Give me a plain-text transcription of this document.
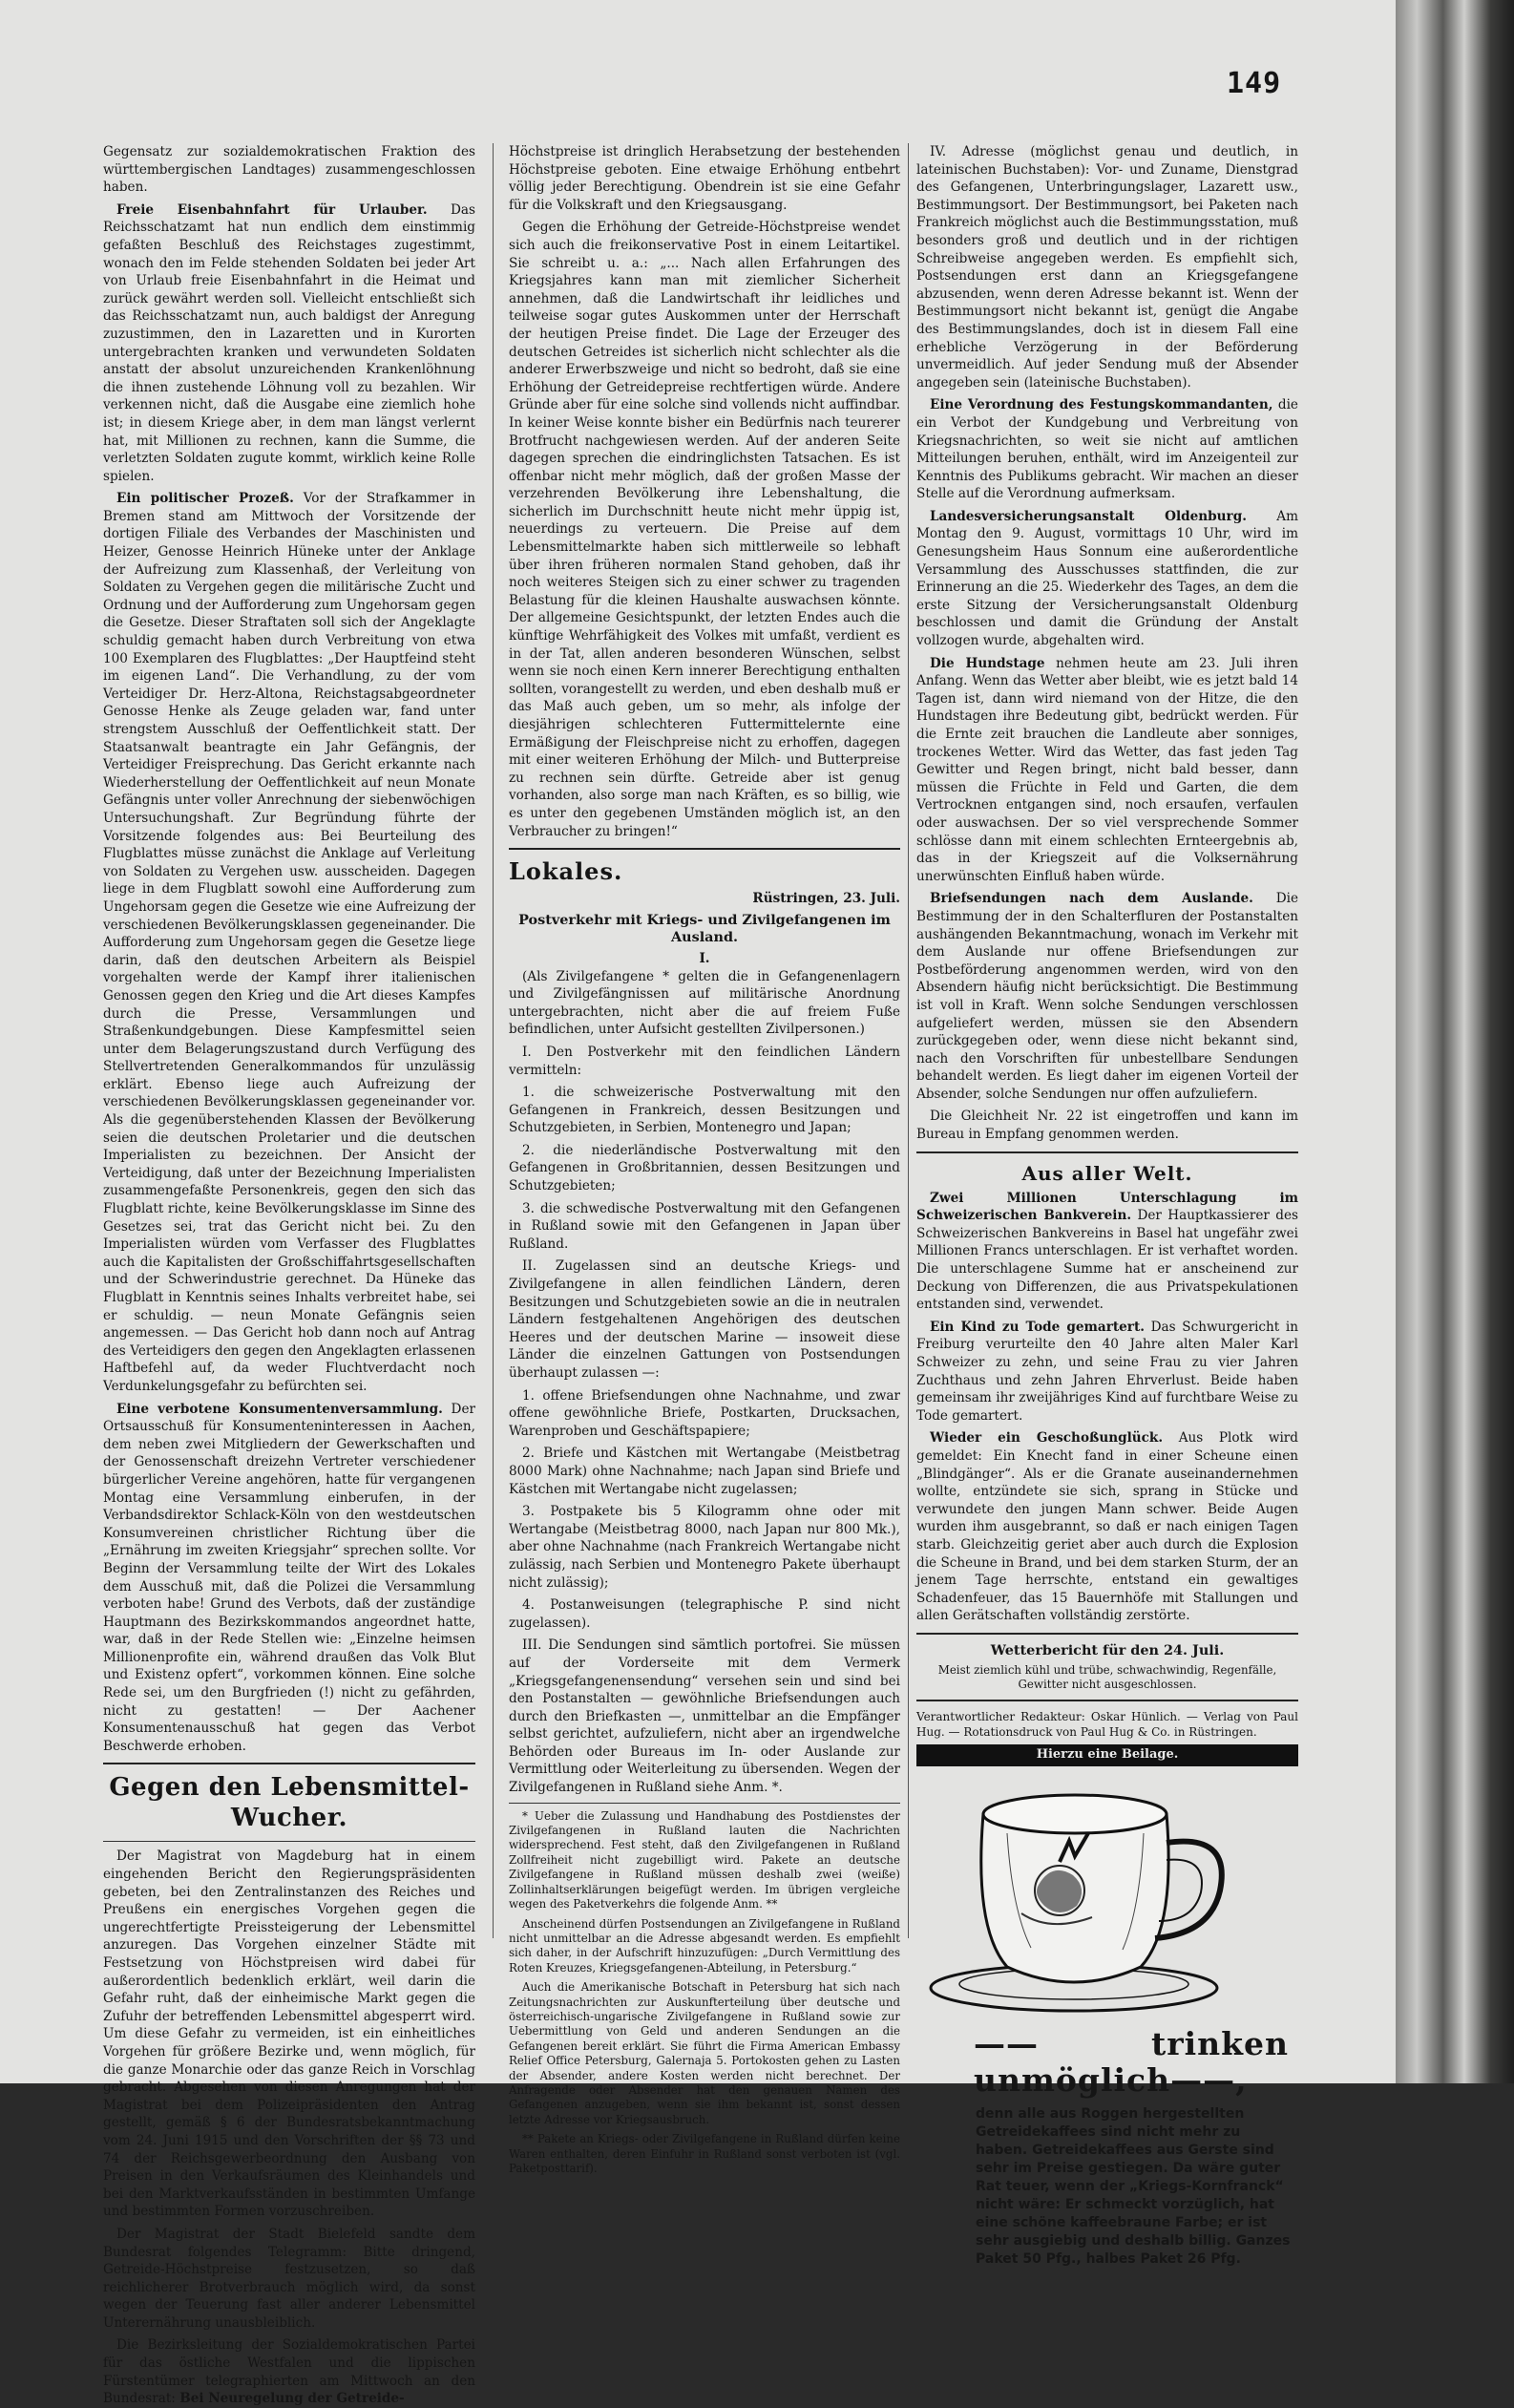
149

Gegensatz zur sozialdemokratischen Fraktion des württembergischen Landtages) zusammengeschlossen haben.

Freie Eisenbahnfahrt für Urlauber. Das Reichsschatzamt hat nun endlich dem einstimmig gefaßten Beschluß des Reichstages zugestimmt, wonach den im Felde stehenden Soldaten bei jeder Art von Urlaub freie Eisenbahnfahrt in die Heimat und zurück gewährt werden soll. Vielleicht entschließt sich das Reichsschatzamt nun, auch baldigst der Anregung zuzustimmen, den in Lazaretten und in Kurorten untergebrachten kranken und verwundeten Soldaten anstatt der absolut unzureichenden Krankenlöhnung die ihnen zustehende Löhnung voll zu bezahlen. Wir verkennen nicht, daß die Ausgabe eine ziemlich hohe ist; in diesem Kriege aber, in dem man längst verlernt hat, mit Millionen zu rechnen, kann die Summe, die verletzten Soldaten zugute kommt, wirklich keine Rolle spielen.

Ein politischer Prozeß. Vor der Strafkammer in Bremen stand am Mittwoch der Vorsitzende der dortigen Filiale des Verbandes der Maschinisten und Heizer, Genosse Heinrich Hüneke unter der Anklage der Aufreizung zum Klassenhaß, der Verleitung von Soldaten zu Vergehen gegen die militärische Zucht und Ordnung und der Aufforderung zum Ungehorsam gegen die Gesetze. Dieser Straftaten soll sich der Angeklagte schuldig gemacht haben durch Verbreitung von etwa 100 Exemplaren des Flugblattes: „Der Hauptfeind steht im eigenen Land“. Die Verhandlung, zu der vom Verteidiger Dr. Herz-Altona, Reichstagsabgeordneter Genosse Henke als Zeuge geladen war, fand unter strengstem Ausschluß der Oeffentlichkeit statt. Der Staatsanwalt beantragte ein Jahr Gefängnis, der Verteidiger Freisprechung. Das Gericht erkannte nach Wiederherstellung der Oeffentlichkeit auf neun Monate Gefängnis unter voller Anrechnung der siebenwöchigen Untersuchungshaft. Zur Begründung führte der Vorsitzende folgendes aus: Bei Beurteilung des Flugblattes müsse zunächst die Anklage auf Verleitung von Soldaten zu Vergehen usw. ausscheiden. Dagegen liege in dem Flugblatt sowohl eine Aufforderung zum Ungehorsam gegen die Gesetze wie eine Aufreizung der verschiedenen Bevölkerungsklassen gegeneinander. Die Aufforderung zum Ungehorsam gegen die Gesetze liege darin, daß den deutschen Arbeitern als Beispiel vorgehalten werde der Kampf ihrer italienischen Genossen gegen den Krieg und die Art dieses Kampfes durch die Presse, Versammlungen und Straßenkundgebungen. Diese Kampfesmittel seien unter dem Belagerungszustand durch Verfügung des Stellvertretenden Generalkommandos für unzulässig erklärt. Ebenso liege auch Aufreizung der verschiedenen Bevölkerungsklassen gegeneinander vor. Als die gegenüberstehenden Klassen der Bevölkerung seien die deutschen Proletarier und die deutschen Imperialisten zu bezeichnen. Der Ansicht der Verteidigung, daß unter der Bezeichnung Imperialisten zusammengefaßte Personenkreis, gegen den sich das Flugblatt richte, keine Bevölkerungsklasse im Sinne des Gesetzes sei, trat das Gericht nicht bei. Zu den Imperialisten würden vom Verfasser des Flugblattes auch die Kapitalisten der Großschiffahrtsgesellschaften und der Schwerindustrie gerechnet. Da Hüneke das Flugblatt in Kenntnis seines Inhalts verbreitet habe, sei er schuldig. — neun Monate Gefängnis seien angemessen. — Das Gericht hob dann noch auf Antrag des Verteidigers den gegen den Angeklagten erlassenen Haftbefehl auf, da weder Fluchtverdacht noch Verdunkelungsgefahr zu befürchten sei.

Eine verbotene Konsumentenversammlung. Der Ortsausschuß für Konsumenteninteressen in Aachen, dem neben zwei Mitgliedern der Gewerkschaften und der Genossenschaft dreizehn Vertreter verschiedener bürgerlicher Vereine angehören, hatte für vergangenen Montag eine Versammlung einberufen, in der Verbandsdirektor Schlack-Köln von den westdeutschen Konsumvereinen christlicher Richtung über die „Ernährung im zweiten Kriegsjahr“ sprechen sollte. Vor Beginn der Versammlung teilte der Wirt des Lokales dem Ausschuß mit, daß die Polizei die Versammlung verboten habe! Grund des Verbots, daß der zuständige Hauptmann des Bezirkskommandos angeordnet hatte, war, daß in der Rede Stellen wie: „Einzelne heimsen Millionenprofite ein, während draußen das Volk Blut und Existenz opfert“, vorkommen können. Eine solche Rede sei, um den Burgfrieden (!) nicht zu gefährden, nicht zu gestatten! — Der Aachener Konsumentenausschuß hat gegen das Verbot Beschwerde erhoben.

Gegen den Lebensmittel-Wucher.

Der Magistrat von Magdeburg hat in einem eingehenden Bericht den Regierungspräsidenten gebeten, bei den Zentralinstanzen des Reiches und Preußens ein energisches Vorgehen gegen die ungerechtfertigte Preissteigerung der Lebensmittel anzuregen. Das Vorgehen einzelner Städte mit Festsetzung von Höchstpreisen wird dabei für außerordentlich bedenklich erklärt, weil darin die Gefahr ruht, daß der einheimische Markt gegen die Zufuhr der betreffenden Lebensmittel abgesperrt wird. Um diese Gefahr zu vermeiden, ist ein einheitliches Vorgehen für größere Bezirke und, wenn möglich, für die ganze Monarchie oder das ganze Reich in Vorschlag gebracht. Abgesehen von diesen Anregungen hat der Magistrat bei dem Polizeipräsidenten den Antrag gestellt, gemäß § 6 der Bundesratsbekanntmachung vom 24. Juni 1915 und den Vorschriften der §§ 73 und 74 der Reichsgewerbeordnung den Ausbang von Preisen in den Verkaufsräumen des Kleinhandels und bei den Marktverkaufsständen in bestimmten Umfange und bestimmten Formen vorzuschreiben.

Der Magistrat der Stadt Bielefeld sandte dem Bundesrat folgendes Telegramm: Bitte dringend, Getreide-Höchstpreise festzusetzen, so daß reichlicherer Brotverbrauch möglich wird, da sonst wegen der Teuerung fast aller anderer Lebensmittel Unterernährung unausbleiblich.

Die Bezirksleitung der Sozialdemokratischen Partei für das östliche Westfalen und die lippischen Fürstentümer telegraphierten am Mittwoch an den Bundesrat: Bei Neuregelung der Getreide-

Höchstpreise ist dringlich Herabsetzung der bestehenden Höchstpreise geboten. Eine etwaige Erhöhung entbehrt völlig jeder Berechtigung. Obendrein ist sie eine Gefahr für die Volkskraft und den Kriegsausgang.

Gegen die Erhöhung der Getreide-Höchstpreise wendet sich auch die freikonservative Post in einem Leitartikel. Sie schreibt u. a.: „... Nach allen Erfahrungen des Kriegsjahres kann man mit ziemlicher Sicherheit annehmen, daß die Landwirtschaft ihr leidliches und teilweise sogar gutes Auskommen unter der Herrschaft der heutigen Preise findet. Die Lage der Erzeuger des deutschen Getreides ist sicherlich nicht schlechter als die anderer Erwerbszweige und nicht so bedroht, daß sie eine Erhöhung der Getreidepreise rechtfertigen würde. Andere Gründe aber für eine solche sind vollends nicht auffindbar. In keiner Weise konnte bisher ein Bedürfnis nach teurerer Brotfrucht nachgewiesen werden. Auf der anderen Seite dagegen sprechen die eindringlichsten Tatsachen. Es ist offenbar nicht mehr möglich, daß der großen Masse der verzehrenden Bevölkerung ihre Lebenshaltung, die sicherlich im Durchschnitt heute nicht mehr üppig ist, neuerdings zu verteuern. Die Preise auf dem Lebensmittelmarkte haben sich mittlerweile so lebhaft über ihren früheren normalen Stand gehoben, daß ihr noch weiteres Steigen sich zu einer schwer zu tragenden Belastung für die kleinen Haushalte auswachsen könnte. Der allgemeine Gesichtspunkt, der letzten Endes auch die künftige Wehrfähigkeit des Volkes mit umfaßt, verdient es in der Tat, allen anderen besonderen Wünschen, selbst wenn sie noch einen Kern innerer Berechtigung enthalten sollten, vorangestellt zu werden, und eben deshalb muß er das Maß auch geben, um so mehr, als infolge der diesjährigen schlechteren Futtermittelernte eine Ermäßigung der Fleischpreise nicht zu erhoffen, dagegen mit einer weiteren Erhöhung der Milch- und Butterpreise zu rechnen sein dürfte. Getreide aber ist genug vorhanden, also sorge man nach Kräften, es so billig, wie es unter den gegebenen Umständen möglich ist, an den Verbraucher zu bringen!“

Lokales.
Rüstringen, 23. Juli.
Postverkehr mit Kriegs- und Zivilgefangenen im Ausland.
I.

(Als Zivilgefangene * gelten die in Gefangenenlagern und Zivilgefängnissen auf militärische Anordnung untergebrachten, nicht aber die auf freiem Fuße befindlichen, unter Aufsicht gestellten Zivilpersonen.)

I. Den Postverkehr mit den feindlichen Ländern vermitteln:

1. die schweizerische Postverwaltung mit den Gefangenen in Frankreich, dessen Besitzungen und Schutzgebieten, in Serbien, Montenegro und Japan;

2. die niederländische Postverwaltung mit den Gefangenen in Großbritannien, dessen Besitzungen und Schutzgebieten;

3. die schwedische Postverwaltung mit den Gefangenen in Rußland sowie mit den Gefangenen in Japan über Rußland.

II. Zugelassen sind an deutsche Kriegs- und Zivilgefangene in allen feindlichen Ländern, deren Besitzungen und Schutzgebieten sowie an die in neutralen Ländern festgehaltenen Angehörigen des deutschen Heeres und der deutschen Marine — insoweit diese Länder die einzelnen Gattungen von Postsendungen überhaupt zulassen —:

1. offene Briefsendungen ohne Nachnahme, und zwar offene gewöhnliche Briefe, Postkarten, Drucksachen, Warenproben und Geschäftspapiere;

2. Briefe und Kästchen mit Wertangabe (Meistbetrag 8000 Mark) ohne Nachnahme; nach Japan sind Briefe und Kästchen mit Wertangabe nicht zugelassen;

3. Postpakete bis 5 Kilogramm ohne oder mit Wertangabe (Meistbetrag 8000, nach Japan nur 800 Mk.), aber ohne Nachnahme (nach Frankreich Wertangabe nicht zulässig, nach Serbien und Montenegro Pakete überhaupt nicht zulässig);

4. Postanweisungen (telegraphische P. sind nicht zugelassen).

III. Die Sendungen sind sämtlich portofrei. Sie müssen auf der Vorderseite mit dem Vermerk „Kriegsgefangenensendung“ versehen sein und sind bei den Postanstalten — gewöhnliche Briefsendungen auch durch den Briefkasten —, unmittelbar an die Empfänger selbst gerichtet, aufzuliefern, nicht aber an irgendwelche Behörden oder Bureaus im In- oder Auslande zur Vermittlung oder Weiterleitung zu übersenden. Wegen der Zivilgefangenen in Rußland siehe Anm. *.

* Ueber die Zulassung und Handhabung des Postdienstes der Zivilgefangenen in Rußland lauten die Nachrichten widersprechend. Fest steht, daß den Zivilgefangenen in Rußland Zollfreiheit nicht zugebilligt wird. Pakete an deutsche Zivilgefangene in Rußland müssen deshalb zwei (weiße) Zollinhaltserklärungen beigefügt werden. Im übrigen vergleiche wegen des Paketverkehrs die folgende Anm. **

Anscheinend dürfen Postsendungen an Zivilgefangene in Rußland nicht unmittelbar an die Adresse abgesandt werden. Es empfiehlt sich daher, in der Aufschrift hinzuzufügen: „Durch Vermittlung des Roten Kreuzes, Kriegsgefangenen-Abteilung, in Petersburg.“

Auch die Amerikanische Botschaft in Petersburg hat sich nach Zeitungsnachrichten zur Auskunfterteilung über deutsche und österreichisch-ungarische Zivilgefangene in Rußland sowie zur Uebermittlung von Geld und anderen Sendungen an die Gefangenen bereit erklärt. Sie führt die Firma American Embassy Relief Office Petersburg, Galernaja 5. Portokosten gehen zu Lasten der Absender, andere Kosten werden nicht berechnet. Der Anfragende oder Absender hat den genauen Namen des Gefangenen anzugeben, wenn sie ihm bekannt ist, sonst dessen letzte Adresse vor Kriegsausbruch.

** Pakete an Kriegs- oder Zivilgefangene in Rußland dürfen keine Waren enthalten, deren Einfuhr in Rußland sonst verboten ist (vgl. Paketposttarif).

IV. Adresse (möglichst genau und deutlich, in lateinischen Buchstaben): Vor- und Zuname, Dienstgrad des Gefangenen, Unterbringungslager, Lazarett usw., Bestimmungsort. Der Bestimmungsort, bei Paketen nach Frankreich möglichst auch die Bestimmungsstation, muß besonders groß und deutlich und in der richtigen Schreibweise angegeben werden. Es empfiehlt sich, Postsendungen erst dann an Kriegsgefangene abzusenden, wenn deren Adresse bekannt ist. Wenn der Bestimmungsort nicht bekannt ist, genügt die Angabe des Bestimmungslandes, doch ist in diesem Fall eine erhebliche Verzögerung in der Beförderung unvermeidlich. Auf jeder Sendung muß der Absender angegeben sein (lateinische Buchstaben).

Eine Verordnung des Festungskommandanten, die ein Verbot der Kundgebung und Verbreitung von Kriegsnachrichten, so weit sie nicht auf amtlichen Mitteilungen beruhen, enthält, wird im Anzeigenteil zur Kenntnis des Publikums gebracht. Wir machen an dieser Stelle auf die Verordnung aufmerksam.

Landesversicherungsanstalt Oldenburg. Am Montag den 9. August, vormittags 10 Uhr, wird im Genesungsheim Haus Sonnum eine außerordentliche Versammlung des Ausschusses stattfinden, die zur Erinnerung an die 25. Wiederkehr des Tages, an dem die erste Sitzung der Versicherungsanstalt Oldenburg beschlossen und damit die Gründung der Anstalt vollzogen wurde, abgehalten wird.

Die Hundstage nehmen heute am 23. Juli ihren Anfang. Wenn das Wetter aber bleibt, wie es jetzt bald 14 Tagen ist, dann wird niemand von der Hitze, die den Hundstagen ihre Bedeutung gibt, bedrückt werden. Für die Ernte zeit brauchen die Landleute aber sonniges, trockenes Wetter. Wird das Wetter, das fast jeden Tag Gewitter und Regen bringt, nicht bald besser, dann müssen die Früchte in Feld und Garten, die dem Vertrocknen entgangen sind, noch ersaufen, verfaulen oder auswachsen. Der so viel versprechende Sommer schlösse dann mit einem schlechten Ernteergebnis ab, das in der Kriegszeit auf die Volksernährung unerwünschten Einfluß haben würde.

Briefsendungen nach dem Auslande. Die Bestimmung der in den Schalterfluren der Postanstalten aushängenden Bekanntmachung, wonach im Verkehr mit dem Auslande nur offene Briefsendungen zur Postbeförderung angenommen werden, wird von den Absendern häufig nicht berücksichtigt. Die Bestimmung ist voll in Kraft. Wenn solche Sendungen verschlossen aufgeliefert werden, müssen sie den Absendern zurückgegeben oder, wenn diese nicht bekannt sind, nach den Vorschriften für unbestellbare Sendungen behandelt werden. Es liegt daher im eigenen Vorteil der Absender, solche Sendungen nur offen aufzuliefern.

Die Gleichheit Nr. 22 ist eingetroffen und kann im Bureau in Empfang genommen werden.

Aus aller Welt.

Zwei Millionen Unterschlagung im Schweizerischen Bankverein. Der Hauptkassierer des Schweizerischen Bankvereins in Basel hat ungefähr zwei Millionen Francs unterschlagen. Er ist verhaftet worden. Die unterschlagene Summe hat er anscheinend zur Deckung von Differenzen, die aus Privatspekulationen entstanden sind, verwendet.

Ein Kind zu Tode gemartert. Das Schwurgericht in Freiburg verurteilte den 40 Jahre alten Maler Karl Schweizer zu zehn, und seine Frau zu vier Jahren Zuchthaus und zehn Jahren Ehrverlust. Beide haben gemeinsam ihr zweijähriges Kind auf furchtbare Weise zu Tode gemartert.

Wieder ein Geschoßunglück. Aus Plotk wird gemeldet: Ein Knecht fand in einer Scheune einen „Blindgänger“. Als er die Granate auseinandernehmen wollte, entzündete sie sich, sprang in Stücke und verwundete den jungen Mann schwer. Beide Augen wurden ihm ausgebrannt, so daß er nach einigen Tagen starb. Gleichzeitig geriet aber auch durch die Explosion die Scheune in Brand, und bei dem starken Sturm, der an jenem Tage herrschte, entstand ein gewaltiges Schadenfeuer, das 15 Bauernhöfe mit Stallungen und allen Gerätschaften vollständig zerstörte.

Wetterbericht für den 24. Juli.

Meist ziemlich kühl und trübe, schwachwindig, Regenfälle, Gewitter nicht ausgeschlossen.

Verantwortlicher Redakteur: Oskar Hünlich. — Verlag von Paul Hug. — Rotationsdruck von Paul Hug & Co. in Rüstringen.

Hierzu eine Beilage.
—— trinken unmöglich——,
denn alle aus Roggen hergestellten Getreidekaffees sind nicht mehr zu haben. Getreidekaffees aus Gerste sind sehr im Preise gestiegen. Da wäre guter Rat teuer, wenn der „Kriegs-Kornfranck“ nicht wäre: Er schmeckt vorzüglich, hat eine schöne kaffeebraune Farbe; er ist sehr ausgiebig und deshalb billig. Ganzes Paket 50 Pfg., halbes Paket 26 Pfg.
